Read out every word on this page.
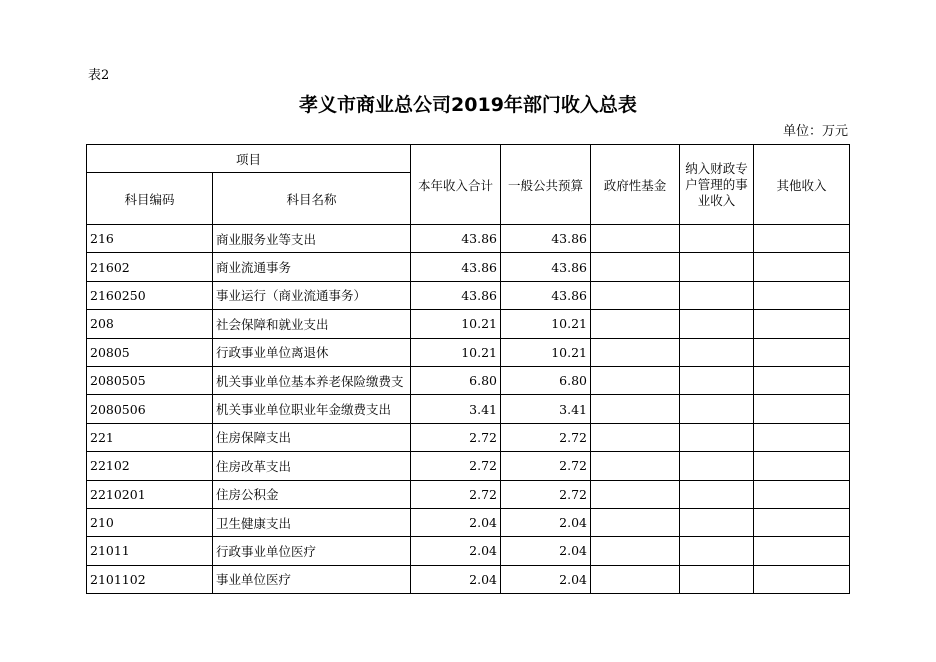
表2
孝义市商业总公司2019年部门收入总表
单位：万元
项目		本年收入合计	一般公共预算	政府性基金	纳入财政专户管理的事业收入	其他收入
科目编码	科目名称					
216	商业服务业等支出	43.86	43.86			
21602	商业流通事务	43.86	43.86			
2160250	事业运行（商业流通事务）	43.86	43.86			
208	社会保障和就业支出	10.21	10.21			
20805	行政事业单位离退休	10.21	10.21			
2080505	机关事业单位基本养老保险缴费支	6.80	6.80			
2080506	机关事业单位职业年金缴费支出	3.41	3.41			
221	住房保障支出	2.72	2.72			
22102	住房改革支出	2.72	2.72			
2210201	住房公积金	2.72	2.72			
210	卫生健康支出	2.04	2.04			
21011	行政事业单位医疗	2.04	2.04			
2101102	事业单位医疗	2.04	2.04			
